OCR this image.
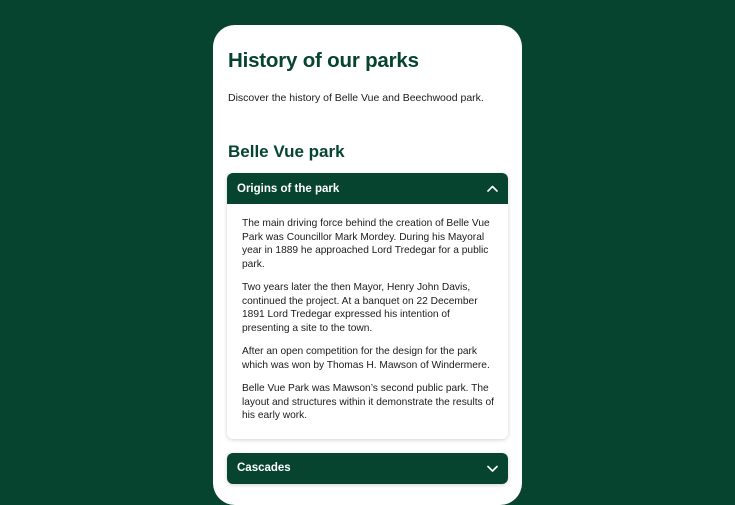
History of our parks

Discover the history of Belle Vue and Beechwood park.

Belle Vue park
Origins of the park

The main driving force behind the creation of Belle Vue Park was Councillor Mark Mordey. During his Mayoral year in 1889 he approached Lord Tredegar for a public park.

Two years later the then Mayor, Henry John Davis, continued the project. At a banquet on 22 December 1891 Lord Tredegar expressed his intention of presenting a site to the town.

After an open competition for the design for the park which was won by Thomas H. Mawson of Windermere.

Belle Vue Park was Mawson’s second public park. The layout and structures within it demonstrate the results of his early work.

Cascades
